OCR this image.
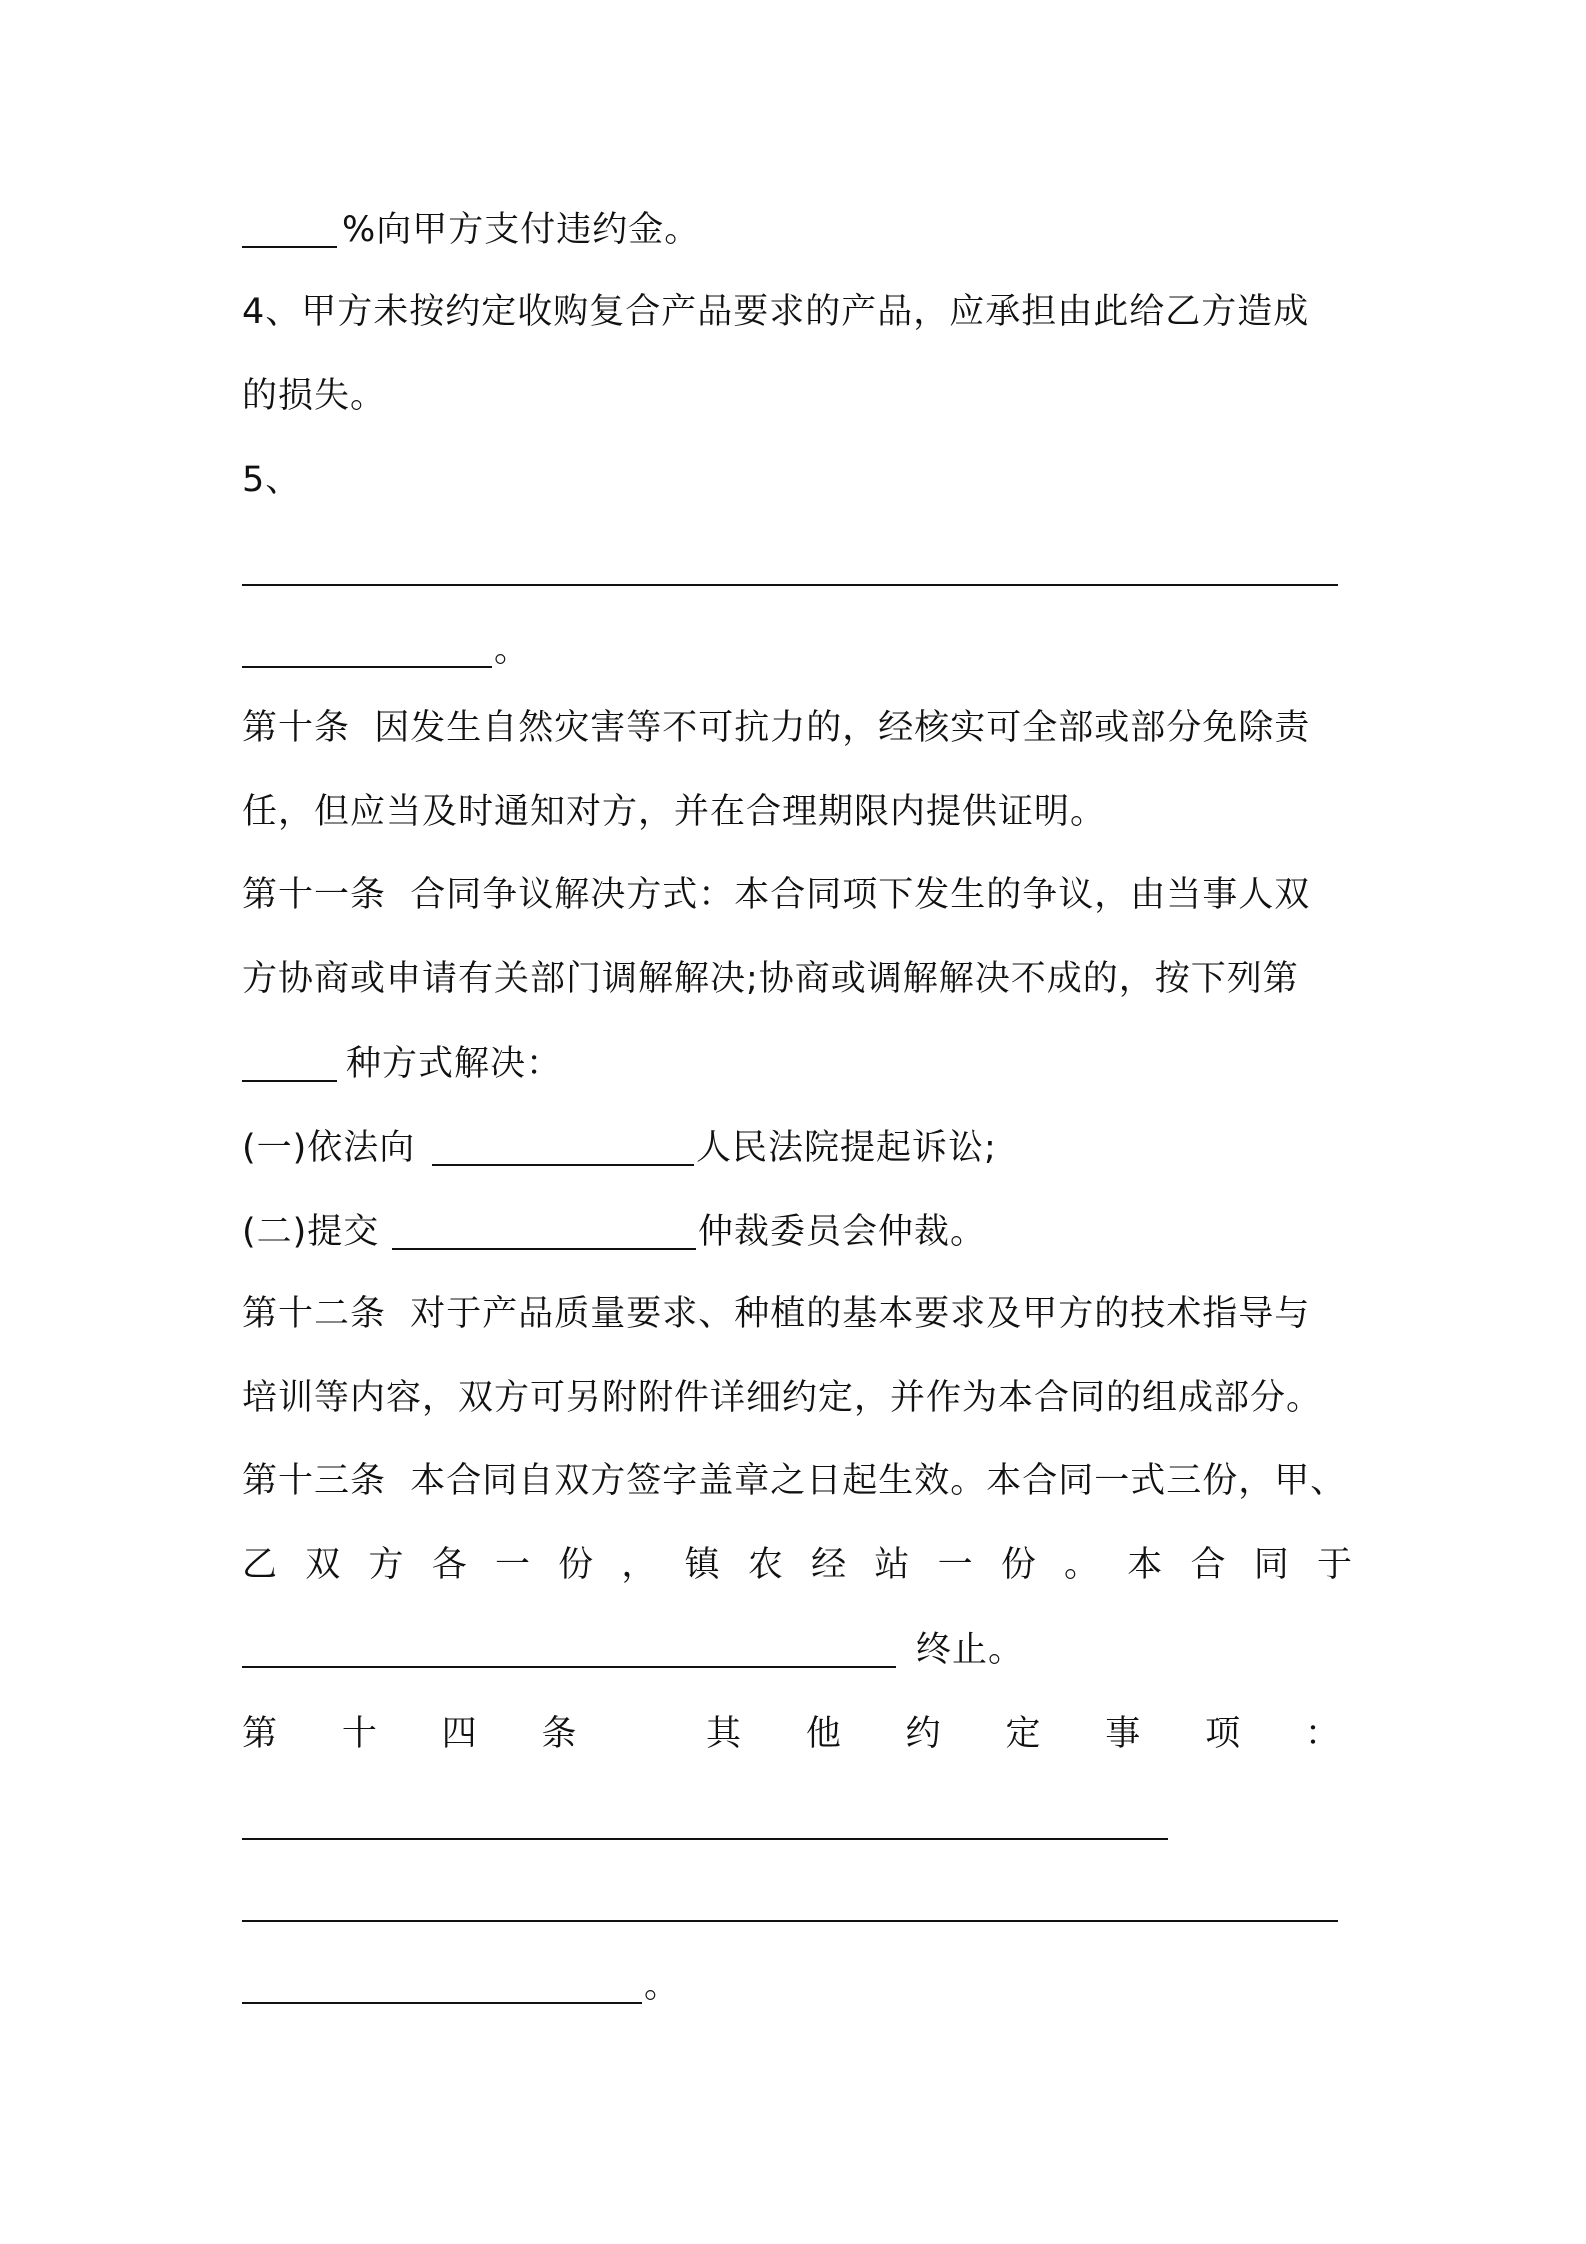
%向甲方支付违约金。
4、甲方未按约定收购复合产品要求的产品，应承担由此给乙方造成
的损失。
5、
。
第十条  因发生自然灾害等不可抗力的，经核实可全部或部分免除责
任，但应当及时通知对方，并在合理期限内提供证明。
第十一条  合同争议解决方式：本合同项下发生的争议，由当事人双
方协商或申请有关部门调解解决;协商或调解解决不成的，按下列第
种方式解决：
(一)依法向	人民法院提起诉讼;
(二)提交	仲裁委员会仲裁。
第十二条  对于产品质量要求、种植的基本要求及甲方的技术指导与
培训等内容，双方可另附附件详细约定，并作为本合同的组成部分。
第十三条  本合同自双方签字盖章之日起生效。本合同一式三份，甲、
乙 双 方 各 一 份 ， 镇 农 经 站 一 份 。 本 合 同 于
终止。
第 十 四 条	其 他 约 定 事 项 ：
。
